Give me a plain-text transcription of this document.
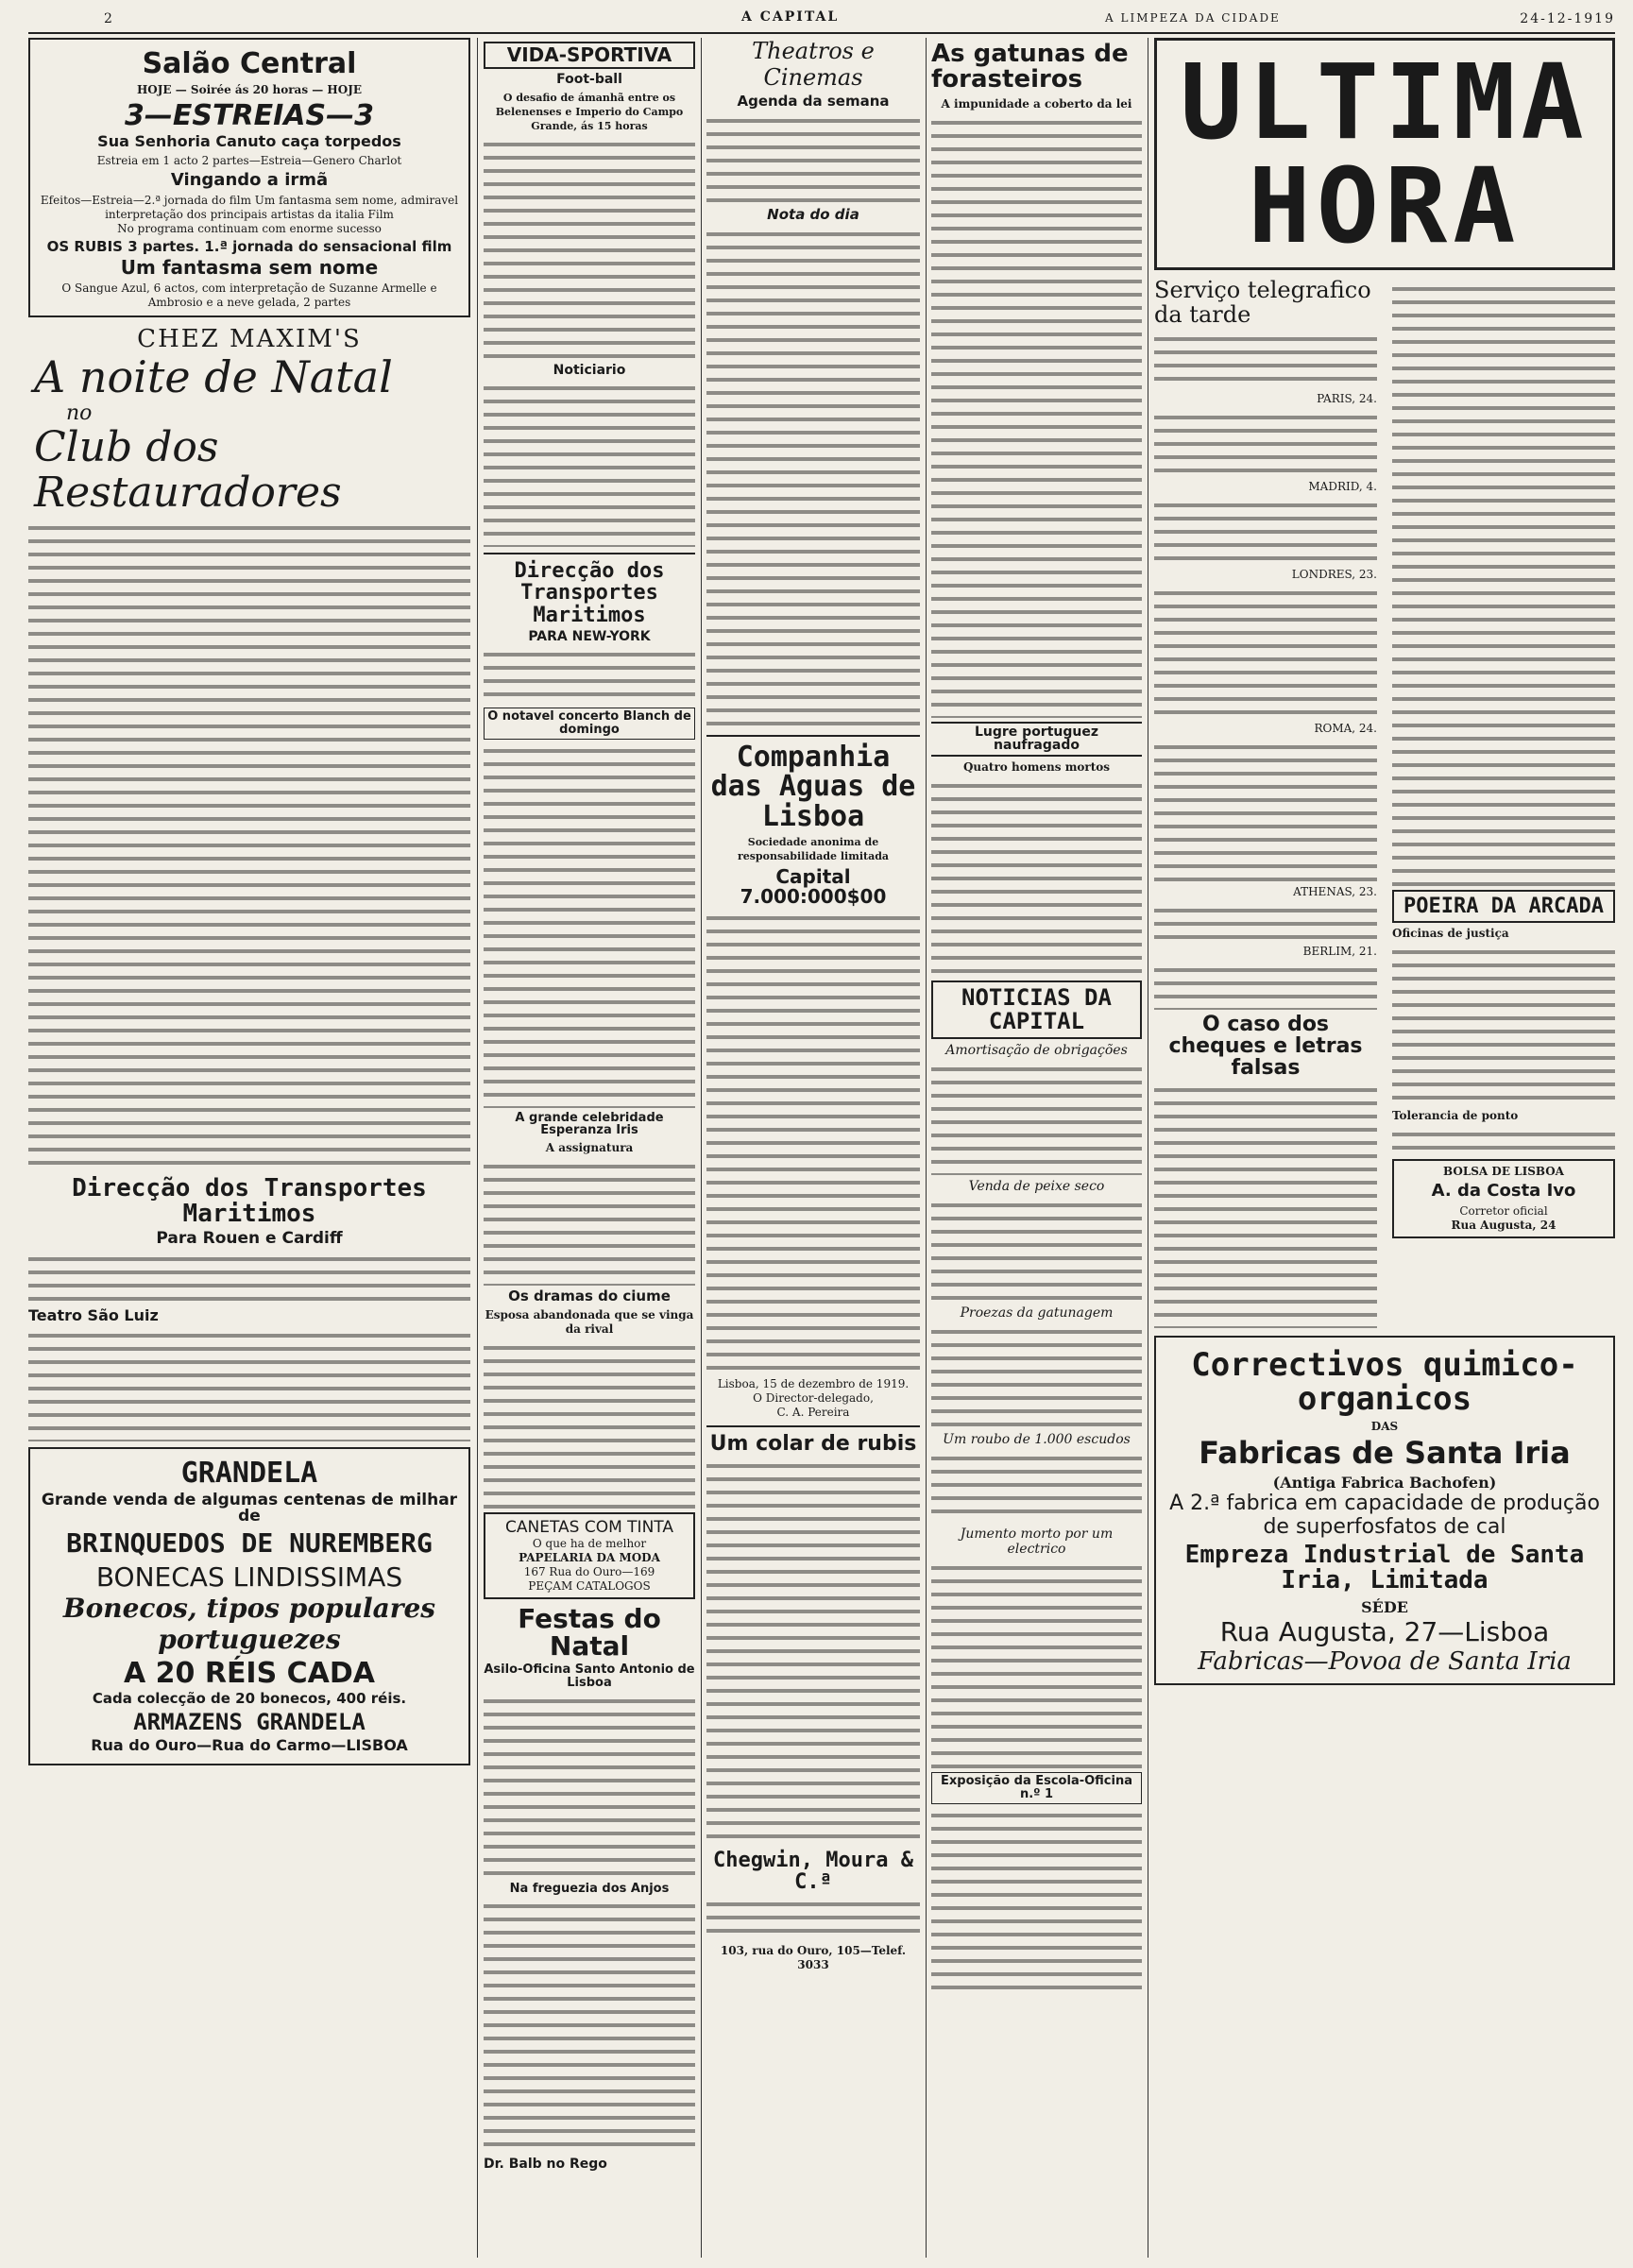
2	A CAPITAL	A LIMPEZA DA CIDADE	24-12-1919
Salão Central
HOJE — Soirée ás 20 horas — HOJE
3—ESTREIAS—3
Sua Senhoria Canuto caça torpedos
Estreia em 1 acto 2 partes—Estreia—Genero Charlot
Vingando a irmã
Efeitos—Estreia—2.ª jornada do film Um fantasma sem nome, admiravel interpretação dos principais artistas da italia Film
No programa continuam com enorme sucesso
OS RUBIS 3 partes. 1.ª jornada do sensacional film
Um fantasma sem nome
O Sangue Azul, 6 actos, com interpretação de Suzanne Armelle e Ambrosio e a neve gelada, 2 partes
CHEZ MAXIM'S
A noite de Natal
no
Club dos Restauradores
Direcção dos Transportes Maritimos
Para Rouen e Cardiff
Teatro São Luiz
GRANDELA
Grande venda de algumas centenas de milhar de
BRINQUEDOS DE NUREMBERG
BONECAS LINDISSIMAS
Bonecos, tipos populares portuguezes
A 20 RÉIS CADA
Cada colecção de 20 bonecos, 400 réis.
ARMAZENS GRANDELA
Rua do Ouro—Rua do Carmo—LISBOA
VIDA-SPORTIVA
Foot-ball
O desafio de ámanhã entre os Belenenses e Imperio do Campo Grande, ás 15 horas
Noticiario
Direcção dos Transportes Maritimos
PARA NEW-YORK
O notavel concerto Blanch de domingo
A grande celebridade Esperanza Iris
A assignatura
Os dramas do ciume
Esposa abandonada que se vinga da rival
CANETAS COM TINTA
O que ha de melhor
PAPELARIA DA MODA
167 Rua do Ouro—169
PEÇAM CATALOGOS
Festas do Natal
Asilo-Oficina Santo Antonio de Lisboa
Na freguezia dos Anjos
Dr. Balb no Rego
Theatros e Cinemas
Agenda da semana
Nota do dia
Companhia das Aguas de Lisboa
Sociedade anonima de responsabilidade limitada
Capital 7.000:000$00
Lisboa, 15 de dezembro de 1919.
O Director-delegado,
C. A. Pereira
Um colar de rubis
Chegwin, Moura & C.ª
103, rua do Ouro, 105—Telef. 3033
As gatunas de forasteiros
A impunidade a coberto da lei
Lugre portuguez naufragado
Quatro homens mortos
NOTICIAS DA CAPITAL
Amortisação de obrigações
Venda de peixe seco
Proezas da gatunagem
Um roubo de 1.000 escudos
Jumento morto por um electrico
Exposição da Escola-Oficina n.º 1
ULTIMA HORA
Serviço telegrafico da tarde
PARIS, 24.
MADRID, 4.
LONDRES, 23.
ROMA, 24.
ATHENAS, 23.
BERLIM, 21.
O caso dos cheques e letras falsas
POEIRA DA ARCADA
Oficinas de justiça
Tolerancia de ponto
BOLSA DE LISBOA
A. da Costa Ivo
Corretor oficial
Rua Augusta, 24
Correctivos quimico-organicos
DAS
Fabricas de Santa Iria
(Antiga Fabrica Bachofen)
A 2.ª fabrica em capacidade de produção de superfosfatos de cal
Empreza Industrial de Santa Iria, Limitada
SÉDE
Rua Augusta, 27—Lisboa
Fabricas—Povoa de Santa Iria
